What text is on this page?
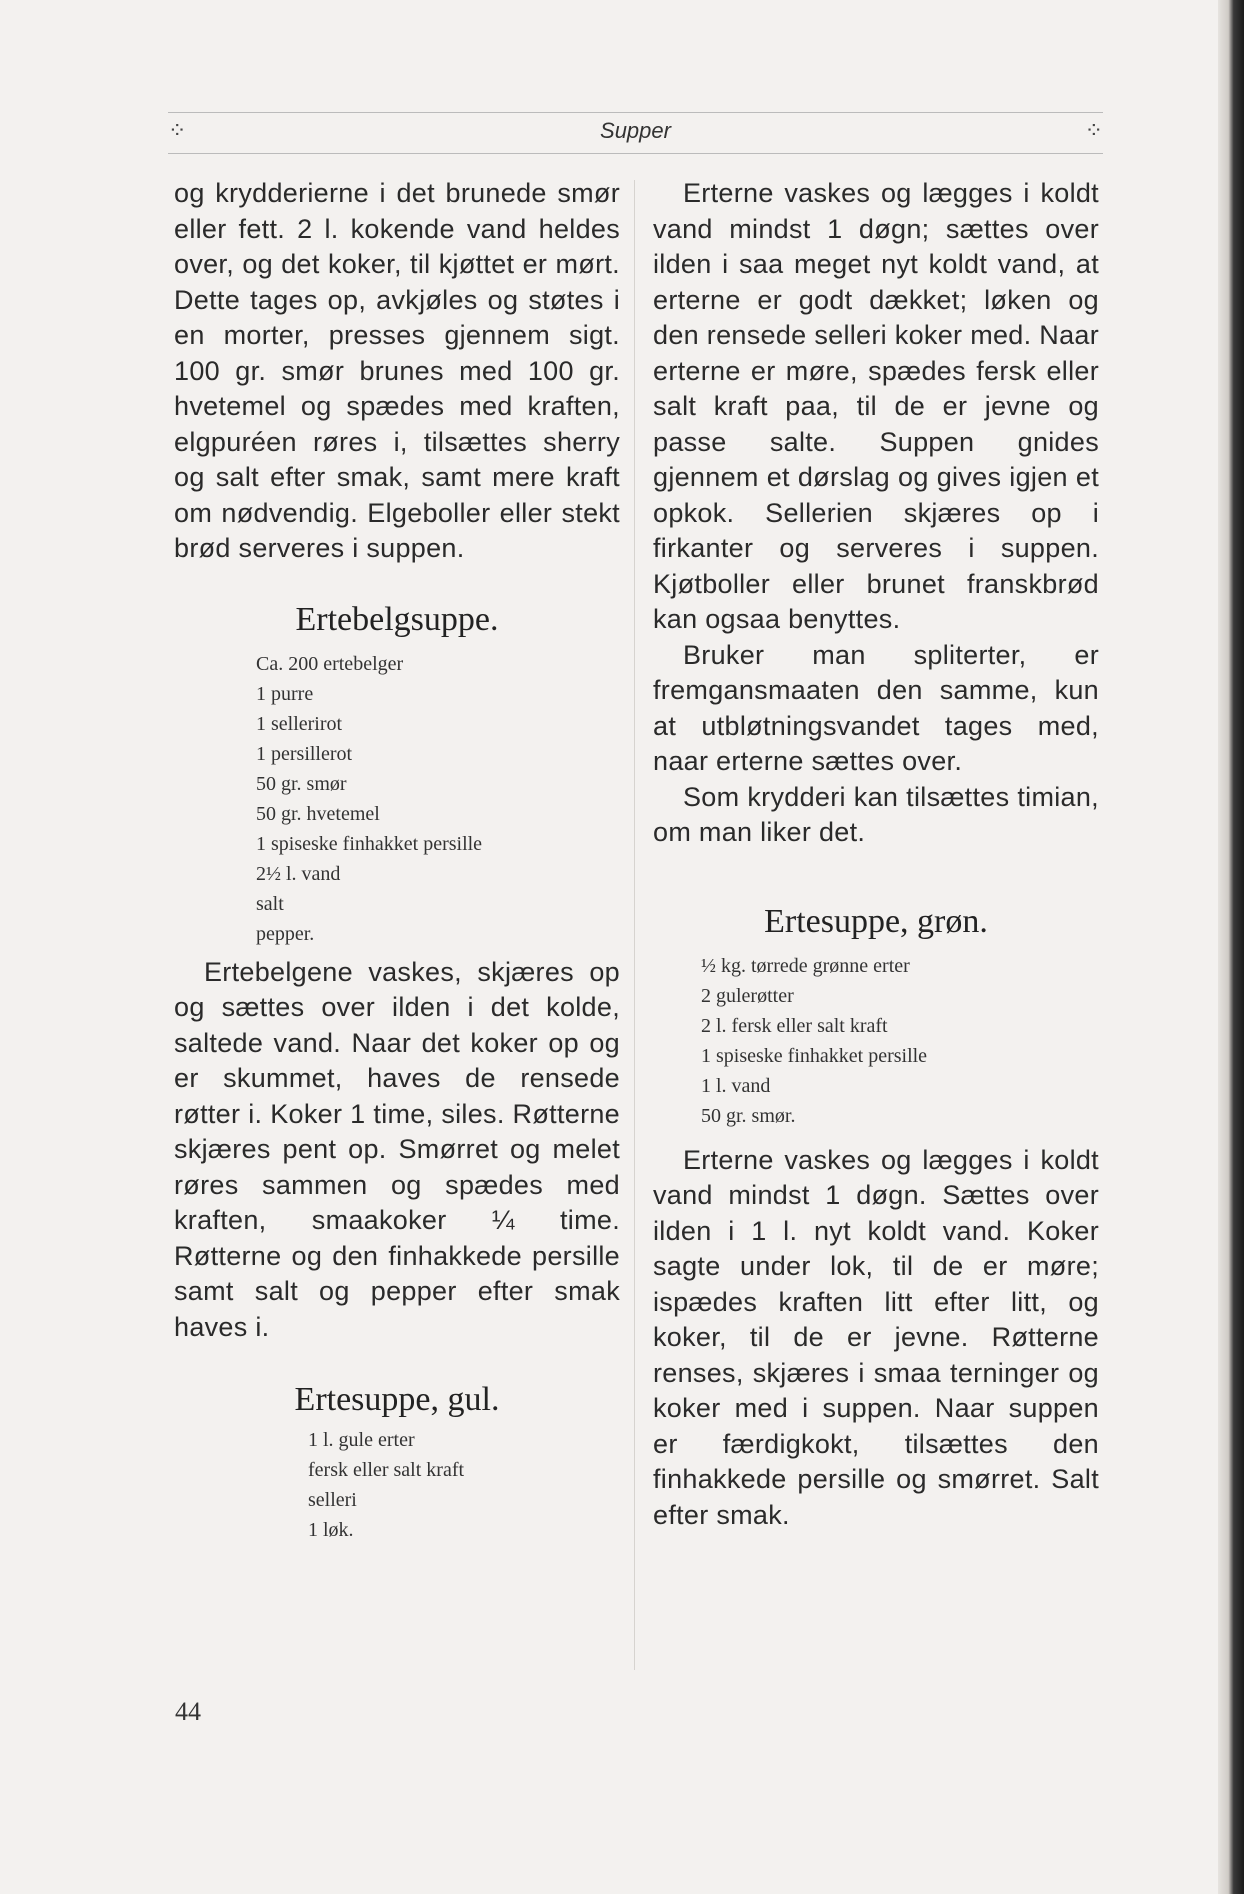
⁘	Supper	⁘

og krydderierne i det brunede smør eller fett. 2 l. kokende vand heldes over, og det koker, til kjøttet er mørt. Dette tages op, avkjøles og støtes i en morter, presses gjennem sigt. 100 gr. smør brunes med 100 gr. hvetemel og spædes med kraften, elgpuréen røres i, tilsættes sherry og salt efter smak, samt mere kraft om nødvendig. Elgeboller eller stekt brød serveres i suppen.

Ertebelgsuppe.
Ca. 200 ertebelger
1 purre
1 sellerirot
1 persillerot
50 gr. smør
50 gr. hvetemel
1 spiseske finhakket persille
2½ l. vand
salt
pepper.

Ertebelgene vaskes, skjæres op og sættes over ilden i det kolde, saltede vand. Naar det koker op og er skummet, haves de rensede røtter i. Koker 1 time, siles. Røtterne skjæres pent op. Smørret og melet røres sammen og spædes med kraften, smaakoker ¼ time. Røtterne og den finhakkede persille samt salt og pepper efter smak haves i.

Ertesuppe, gul.
1 l. gule erter
fersk eller salt kraft
selleri
1 løk.

Erterne vaskes og lægges i koldt vand mindst 1 døgn; sættes over ilden i saa meget nyt koldt vand, at erterne er godt dækket; løken og den rensede selleri koker med. Naar erterne er møre, spædes fersk eller salt kraft paa, til de er jevne og passe salte. Suppen gnides gjennem et dørslag og gives igjen et opkok. Sellerien skjæres op i firkanter og serveres i suppen. Kjøtboller eller brunet franskbrød kan ogsaa benyttes.

Bruker man spliterter, er fremgansmaaten den samme, kun at utbløtningsvandet tages med, naar erterne sættes over.

Som krydderi kan tilsættes timian, om man liker det.

Ertesuppe, grøn.
½ kg. tørrede grønne erter
2 gulerøtter
2 l. fersk eller salt kraft
1 spiseske finhakket persille
1 l. vand
50 gr. smør.

Erterne vaskes og lægges i koldt vand mindst 1 døgn. Sættes over ilden i 1 l. nyt koldt vand. Koker sagte under lok, til de er møre; ispædes kraften litt efter litt, og koker, til de er jevne. Røtterne renses, skjæres i smaa terninger og koker med i suppen. Naar suppen er færdigkokt, tilsættes den finhakkede persille og smørret. Salt efter smak.

44
